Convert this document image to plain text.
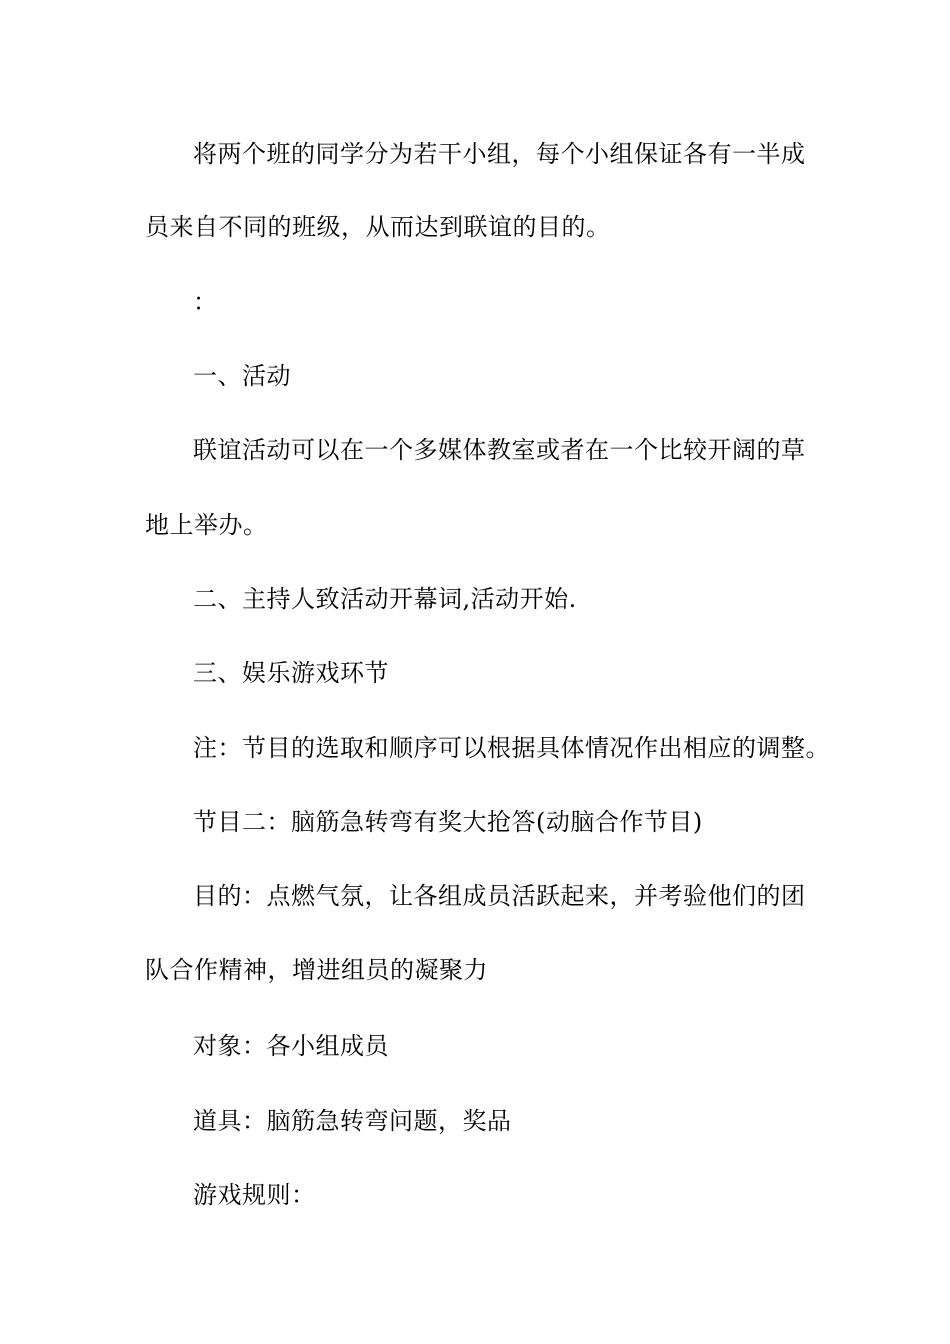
将两个班的同学分为若干小组，每个小组保证各有一半成
员来自不同的班级，从而达到联谊的目的。
：
一、活动
联谊活动可以在一个多媒体教室或者在一个比较开阔的草
地上举办。
二、主持人致活动开幕词,活动开始.
三、娱乐游戏环节
注：节目的选取和顺序可以根据具体情况作出相应的调整。
节目二：脑筋急转弯有奖大抢答(动脑合作节目)
目的：点燃气氛，让各组成员活跃起来，并考验他们的团
队合作精神，增进组员的凝聚力
对象：各小组成员
道具：脑筋急转弯问题，奖品
游戏规则：
